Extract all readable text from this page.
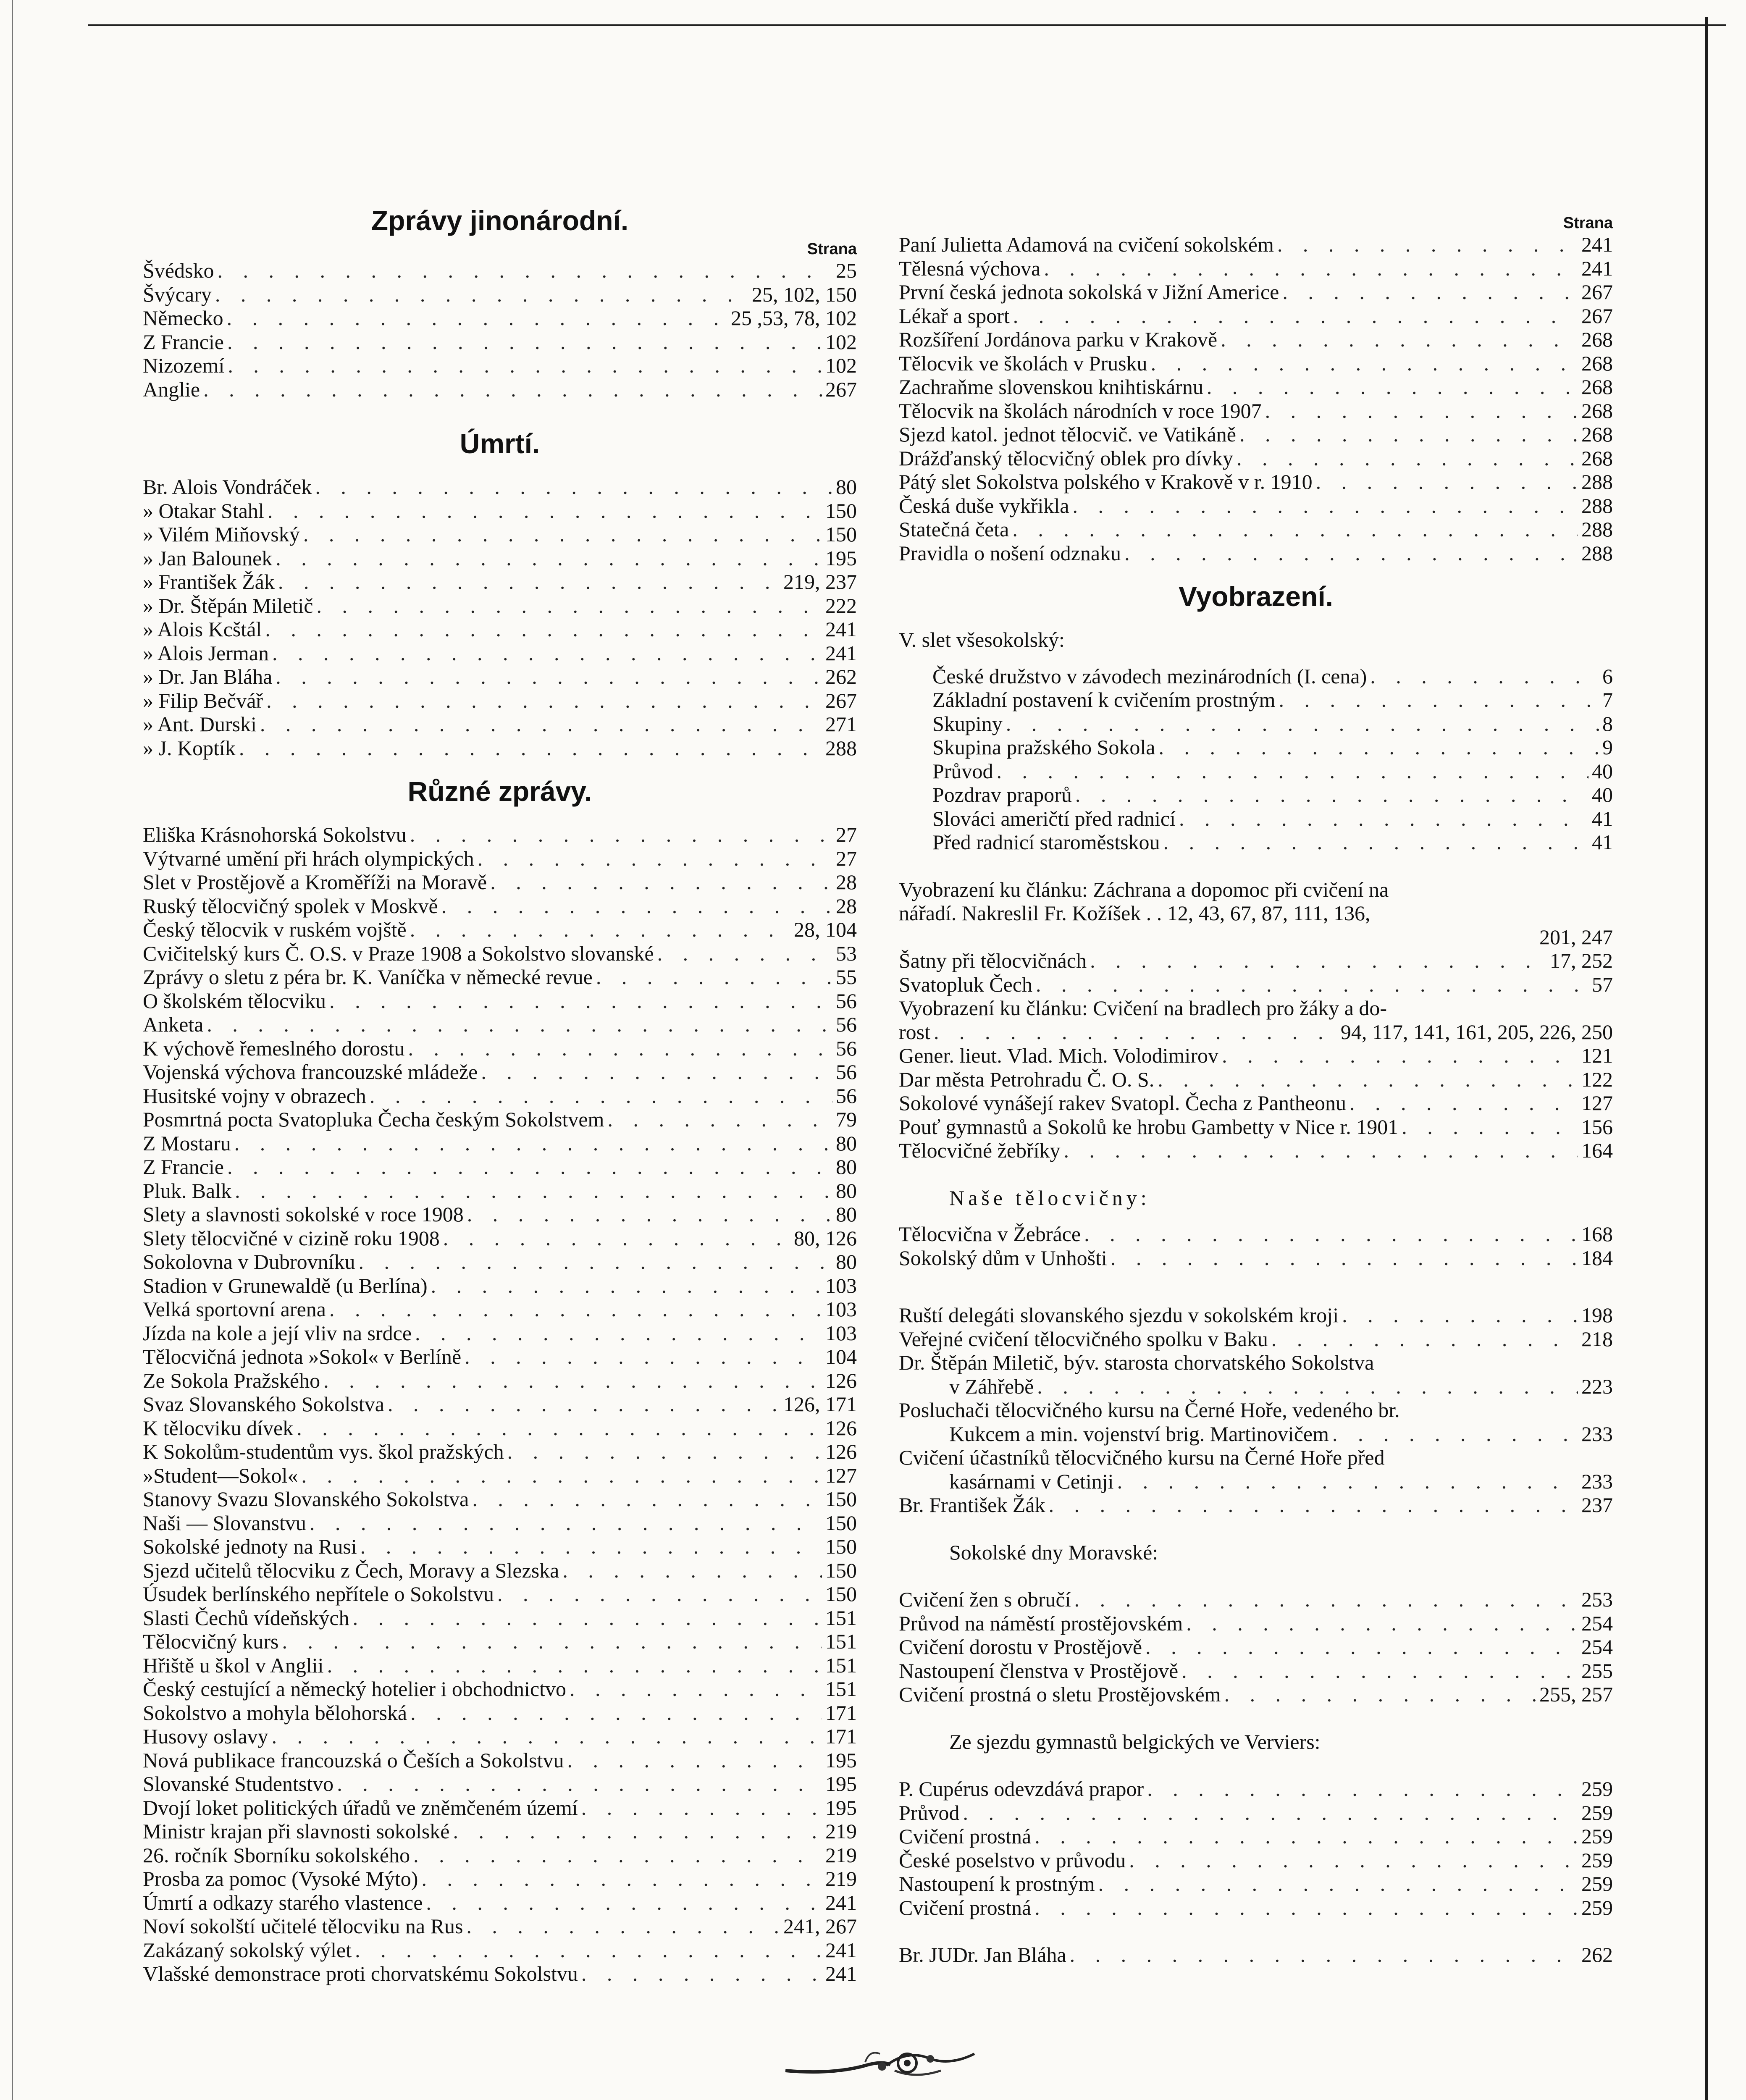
Zprávy jinonárodní.

Strana

Švédsko . . .	25
Švýcary . . .	25, 102, 150
Německo . . .	25 ,53, 78, 102
Z Francie . . .	102
Nizozemí . . .	102
Anglie . . .	267
Úmrtí.
Br. Alois Vondráček . . .	80
» Otakar Stahl . . .	150
» Vilém Miňovský . . .	150
» Jan Balounek . . .	195
» František Žák . . .	219, 237
» Dr. Štěpán Miletič . . .	222
» Alois Kcštál . . .	241
» Alois Jerman . . .	241
» Dr. Jan Bláha . . .	262
» Filip Bečvář . . .	267
» Ant. Durski . . .	271
» J. Koptík . . .	288
Různé zprávy.
Eliška Krásnohorská Sokolstvu . . .	27
Výtvarné umění při hrách olympických . . .	27
Slet v Prostějově a Kroměříži na Moravě . . .	28
Ruský tělocvičný spolek v Moskvě . . .	28
Český tělocvik v ruském vojště . . .	28, 104
Cvičitelský kurs Č. O.S. v Praze 1908 a Sokolstvo slovanské . . .	53
Zprávy o sletu z péra br. K. Vaníčka v německé revue . . .	55
O školském tělocviku . . .	56
Anketa . . .	56
K výchově řemeslného dorostu . . .	56
Vojenská výchova francouzské mládeže . . .	56
Husitské vojny v obrazech . . .	56
Posmrtná pocta Svatopluka Čecha českým Sokolstvem . . .	79
Z Mostaru . . .	80
Z Francie . . .	80
Pluk. Balk . . .	80
Slety a slavnosti sokolské v roce 1908 . . .	80
Slety tělocvičné v cizině roku 1908 . . .	80, 126
Sokolovna v Dubrovníku . . .	80
Stadion v Grunewaldě (u Berlína) . . .	103
Velká sportovní arena . . .	103
Jízda na kole a její vliv na srdce . . .	103
Tělocvičná jednota »Sokol« v Berlíně . . .	104
Ze Sokola Pražského . . .	126
Svaz Slovanského Sokolstva . . .	126, 171
K tělocviku dívek . . .	126
K Sokolům-studentům vys. škol pražských . . .	126
»Student—Sokol« . . .	127
Stanovy Svazu Slovanského Sokolstva . . .	150
Naši — Slovanstvu . . .	150
Sokolské jednoty na Rusi . . .	150
Sjezd učitelů tělocviku z Čech, Moravy a Slezska . . .	150
Úsudek berlínského nepřítele o Sokolstvu . . .	150
Slasti Čechů vídeňských . . .	151
Tělocvičný kurs . . .	151
Hřiště u škol v Anglii . . .	151
Český cestující a německý hotelier i obchodnictvo . . .	151
Sokolstvo a mohyla bělohorská . . .	171
Husovy oslavy . . .	171
Nová publikace francouzská o Češích a Sokolstvu . . .	195
Slovanské Studentstvo . . .	195
Dvojí loket politických úřadů ve zněmčeném území . . .	195
Ministr krajan při slavnosti sokolské . . .	219
26. ročník Sborníku sokolského . . .	219
Prosba za pomoc (Vysoké Mýto) . . .	219
Úmrtí a odkazy starého vlastence . . .	241
Noví sokolští učitelé tělocviku na Rus . . .	241, 267
Zakázaný sokolský výlet . . .	241
Vlašské demonstrace proti chorvatskému Sokolstvu . . .	241

Strana

Paní Julietta Adamová na cvičení sokolském . . .	241
Tělesná výchova . . .	241
První česká jednota sokolská v Jižní Americe . . .	267
Lékař a sport . . .	267
Rozšíření Jordánova parku v Krakově . . .	268
Tělocvik ve školách v Prusku . . .	268
Zachraňme slovenskou knihtiskárnu . . .	268
Tělocvik na školách národních v roce 1907 . . .	268
Sjezd katol. jednot tělocvič. ve Vatikáně . . .	268
Drážďanský tělocvičný oblek pro dívky . . .	268
Pátý slet Sokolstva polského v Krakově v r. 1910 . . .	288
Česká duše vykřikla . . .	288
Statečná četa . . .	288
Pravidla o nošení odznaku . . .	288
Vyobrazení.
V. slet všesokolský:
České družstvo v závodech mezinárodních (I. cena) . . .	6
Základní postavení k cvičením prostným . . .	7
Skupiny . . .	8
Skupina pražského Sokola . . .	9
Průvod . . .	40
Pozdrav praporů . . .	40
Slováci američtí před radnicí . . .	41
Před radnicí staroměstskou . . .	41
Vyobrazení ku článku: Záchrana a dopomoc při cvičení na
nářadí. Nakreslil Fr. Kožíšek . . 12, 43, 67, 87, 111, 136,
201, 247
Šatny při tělocvičnách . . .	17, 252
Svatopluk Čech . . .	57
Vyobrazení ku článku: Cvičení na bradlech pro žáky a do-
rost . . .	94, 117, 141, 161, 205, 226, 250
Gener. lieut. Vlad. Mich. Volodimirov . . .	121
Dar města Petrohradu Č. O. S. . . .	122
Sokolové vynášejí rakev Svatopl. Čecha z Pantheonu . . .	127
Pouť gymnastů a Sokolů ke hrobu Gambetty v Nice r. 1901 . . .	156
Tělocvičné žebříky . . .	164
Naše tělocvičny:
Tělocvična v Žebrácе . . .	168
Sokolský dům v Unhošti . . .	184
Ruští delegáti slovanského sjezdu v sokolském kroji . . .	198
Veřejné cvičení tělocvičného spolku v Baku . . .	218
Dr. Štěpán Miletič, býv. starosta chorvatského Sokolstva
v Záhřebě . . .	223
Posluchači tělocvičného kursu na Černé Hoře, vedeného br.
Kukcem a min. vojenství brig. Martinovičem . . .	233
Cvičení účastníků tělocvičného kursu na Černé Hoře před
kasárnami v Cetinji . . .	233
Br. František Žák . . .	237
Sokolské dny Moravské:
Cvičení žen s obručí . . .	253
Průvod na náměstí prostějovském . . .	254
Cvičení dorostu v Prostějově . . .	254
Nastoupení členstva v Prostějově . . .	255
Cvičení prostná o sletu Prostějovském . . .	255, 257
Ze sjezdu gymnastů belgických ve Verviers:
P. Cupérus odevzdává prapor . . .	259
Průvod . . .	259
Cvičení prostná . . .	259
České poselstvo v průvodu . . .	259
Nastoupení k prostným . . .	259
Cvičení prostná . . .	259
Br. JUDr. Jan Bláha . . .	262
